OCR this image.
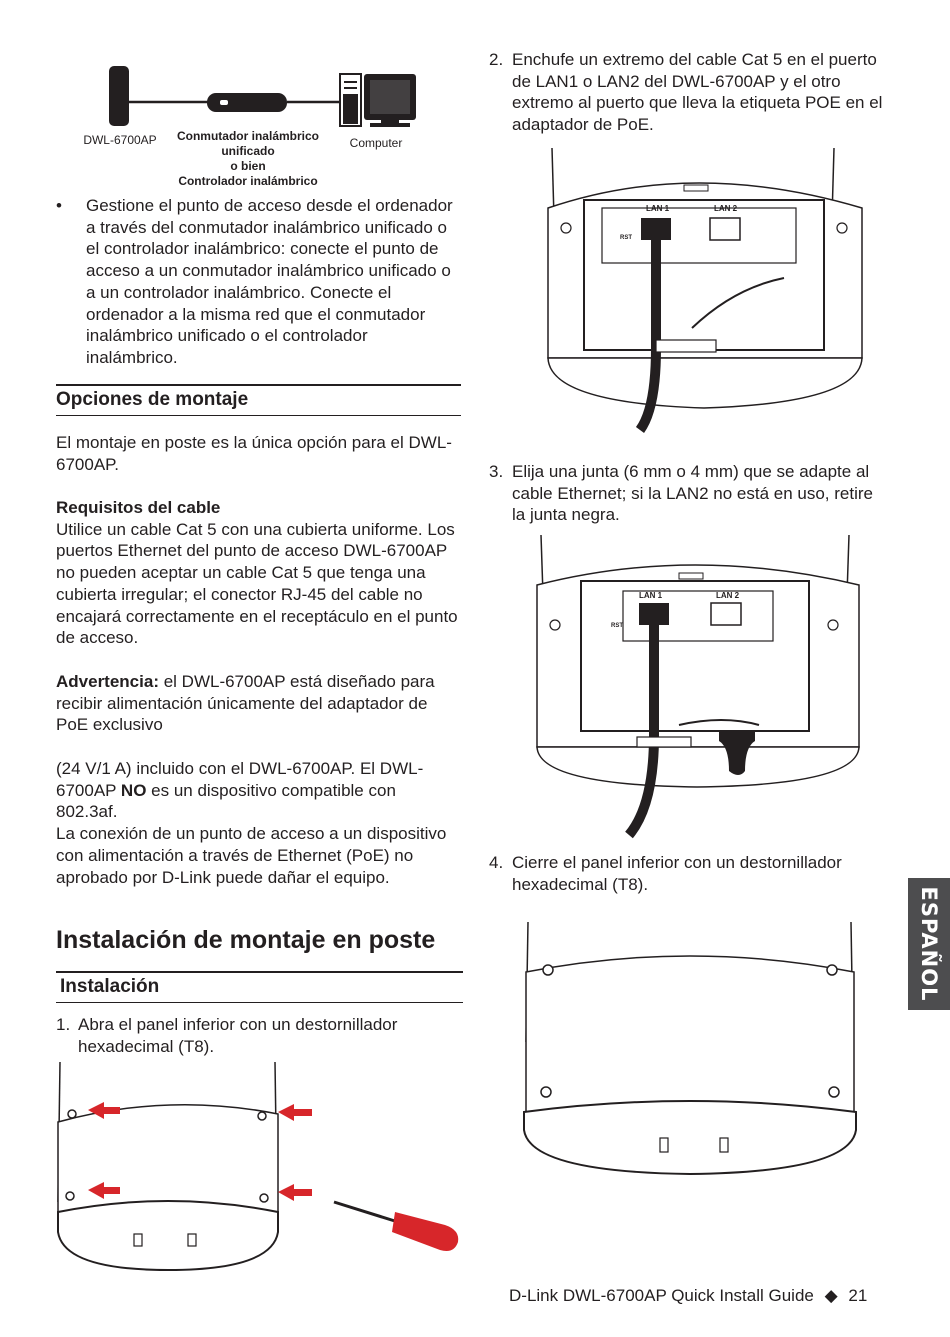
DWL-6700AP	Conmutador inalámbrico
unificado
o bien
Controlador inalámbrico
Computer
• Gestione el punto de acceso desde el ordenador a través del conmutador inalámbrico unificado o el controlador inalámbrico: conecte el punto de acceso a un conmutador inalámbrico unificado o a un controlador inalámbrico. Conecte el ordenador a la misma red que el conmutador inalámbrico unificado o el controlador inalámbrico.
Opciones de montaje
El montaje en poste es la única opción para el DWL-6700AP.
Requisitos del cable
Utilice un cable Cat 5 con una cubierta uniforme. Los puertos Ethernet del punto de acceso DWL-6700AP no pueden aceptar un cable Cat 5 que tenga una cubierta irregular; el conector RJ-45 del cable no encajará correctamente en el receptáculo en el punto de acceso.
Advertencia: el DWL-6700AP está diseñado para recibir alimentación únicamente del adaptador de PoE exclusivo
(24 V/1 A) incluido con el DWL-6700AP. El DWL-6700AP NO es un dispositivo compatible con 802.3af.
La conexión de un punto de acceso a un dispositivo con alimentación a través de Ethernet (PoE) no aprobado por D-Link puede dañar el equipo.
Instalación de montaje en poste
Instalación
1. Abra el panel inferior con un destornillador hexadecimal (T8).
2. Enchufe un extremo del cable Cat 5 en el puerto de LAN1 o LAN2 del DWL-6700AP y el otro extremo al puerto que lleva la etiqueta POE en el adaptador de PoE.
LAN 1	LAN 2
RST
3. Elija una junta (6 mm o 4 mm) que se adapte al cable Ethernet; si la LAN2 no está en uso, retire la junta negra.
LAN 1	LAN 2
RST
4. Cierre el panel inferior con un destornillador hexadecimal (T8).
ESPAÑOL
D-Link DWL-6700AP Quick Install Guide ◆ 21
